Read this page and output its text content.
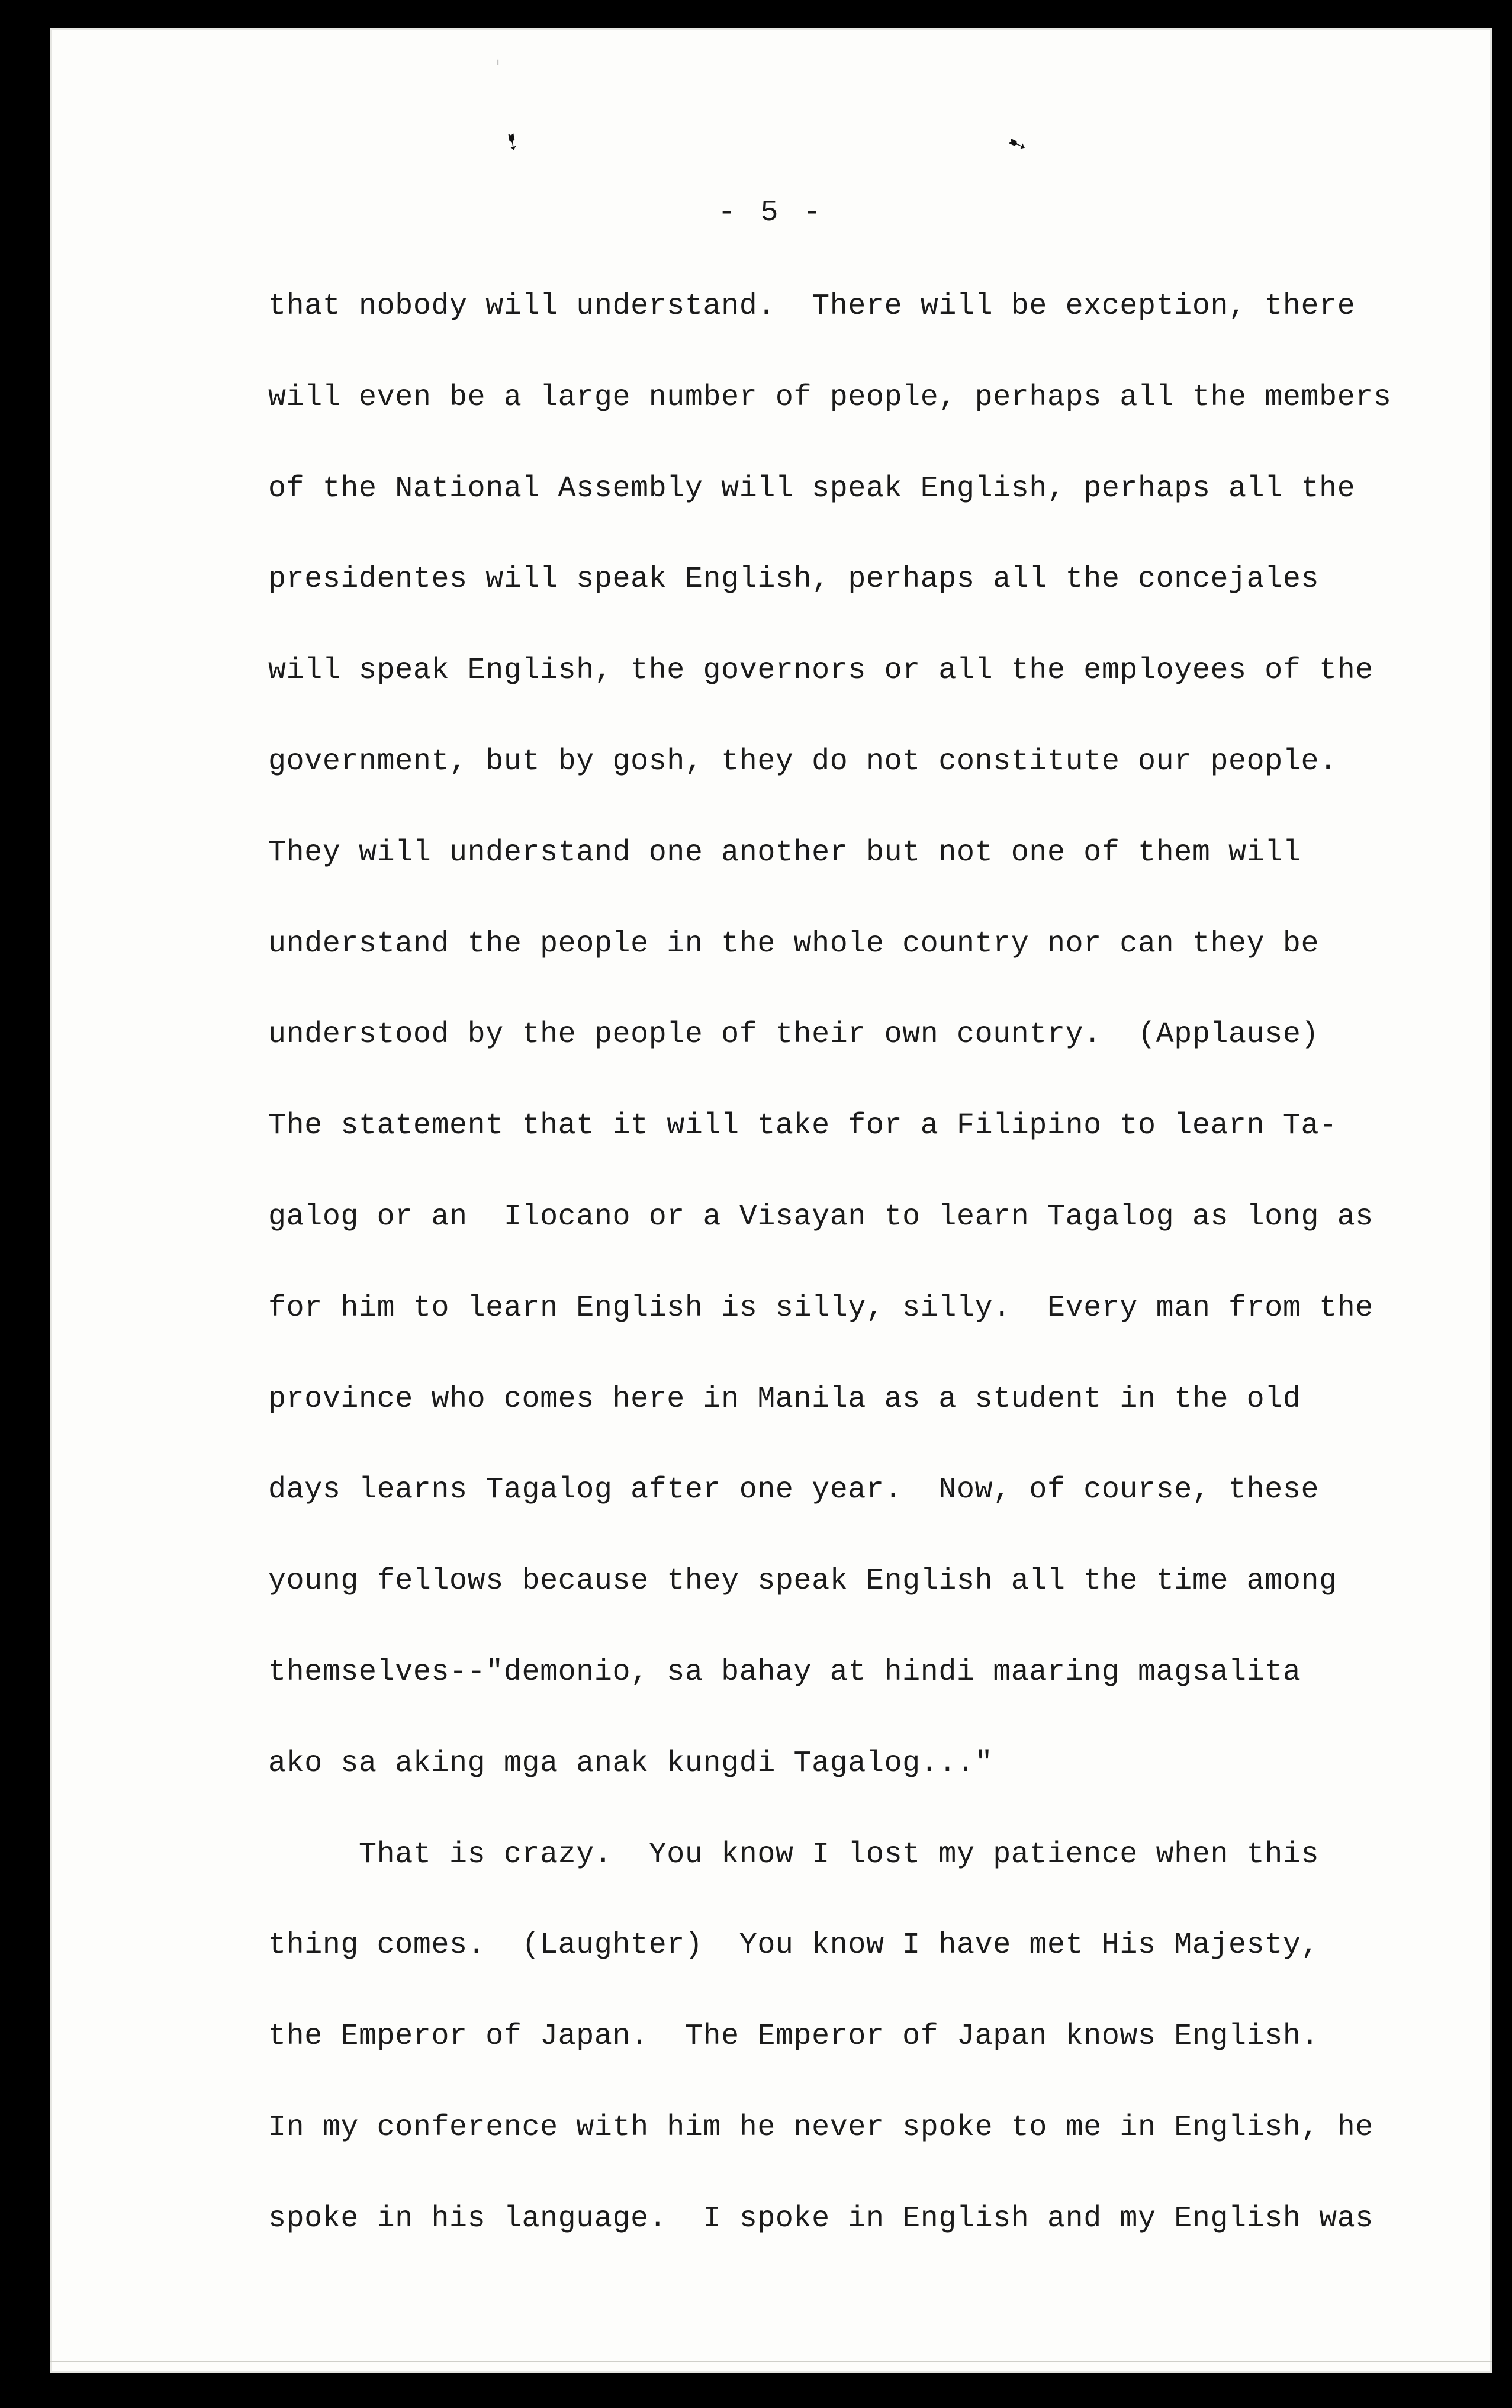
ˈ
➷	➷
- 5 -
that nobody will understand.  There will be exception, there
will even be a large number of people, perhaps all the members
of the National Assembly will speak English, perhaps all the
presidentes will speak English, perhaps all the concejales
will speak English, the governors or all the employees of the
government, but by gosh, they do not constitute our people.
They will understand one another but not one of them will
understand the people in the whole country nor can they be
understood by the people of their own country.  (Applause)
The statement that it will take for a Filipino to learn Ta-
galog or an  Ilocano or a Visayan to learn Tagalog as long as
for him to learn English is silly, silly.  Every man from the
province who comes here in Manila as a student in the old
days learns Tagalog after one year.  Now, of course, these
young fellows because they speak English all the time among
themselves--"demonio, sa bahay at hindi maaring magsalita
ako sa aking mga anak kungdi Tagalog..."
That is crazy.  You know I lost my patience when this
thing comes.  (Laughter)  You know I have met His Majesty,
the Emperor of Japan.  The Emperor of Japan knows English.
In my conference with him he never spoke to me in English, he
spoke in his language.  I spoke in English and my English was
